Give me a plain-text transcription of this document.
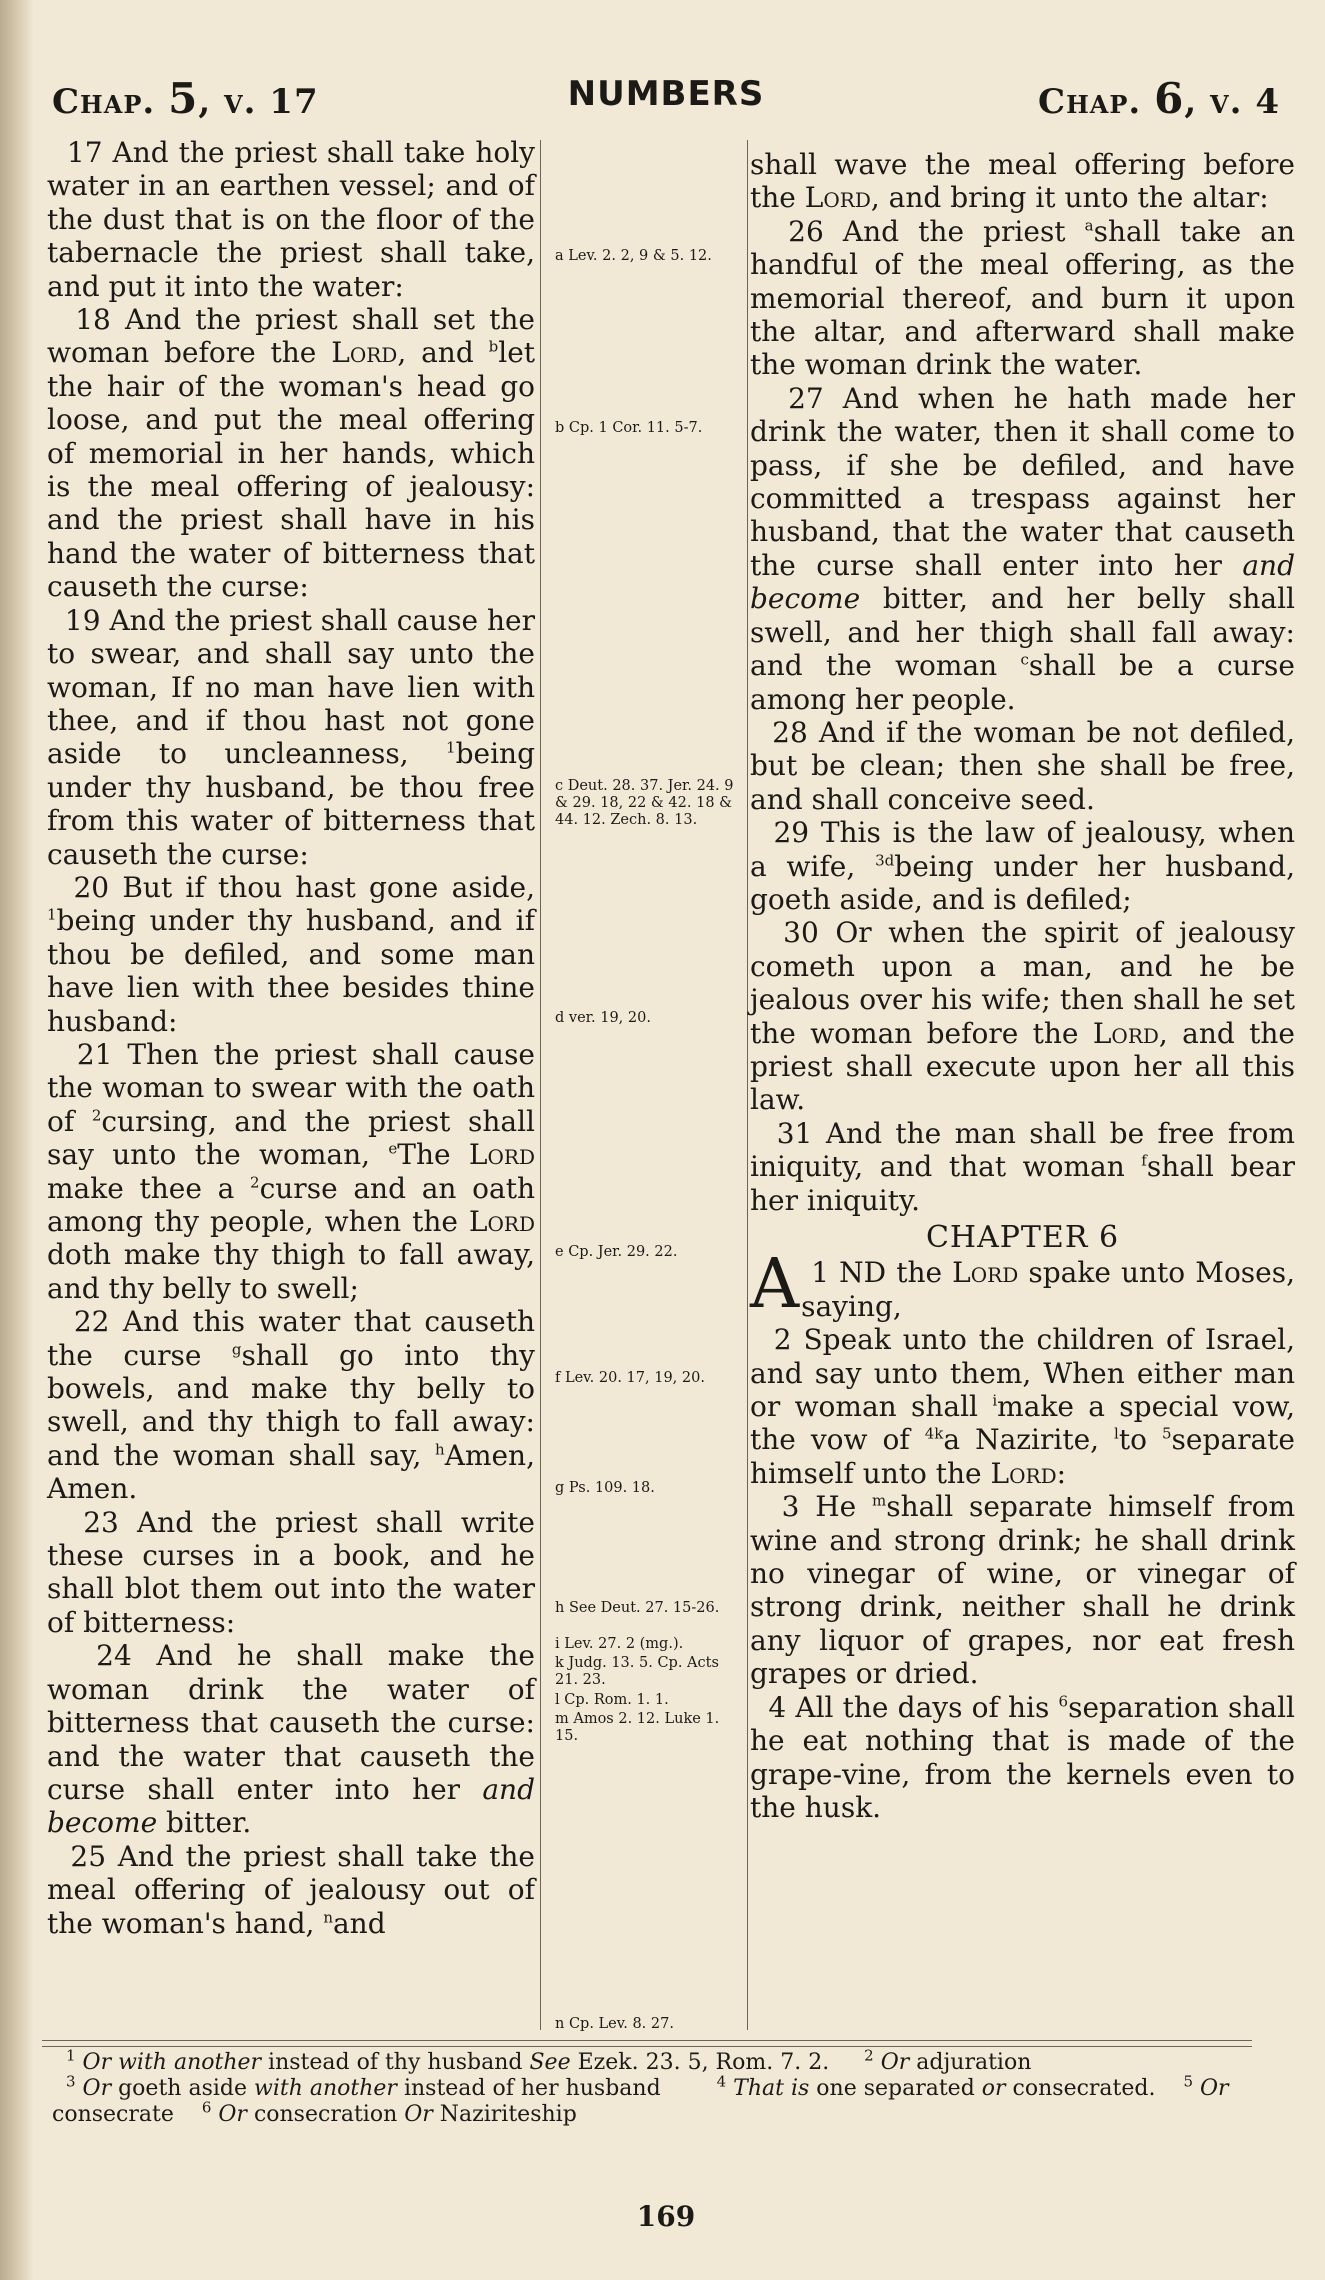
Chap. 5, v. 17	NUMBERS	Chap. 6, v. 4

17 And the priest shall take holy water in an earthen vessel; and of the dust that is on the floor of the tabernacle the priest shall take, and put it into the water:

18 And the priest shall set the woman before the Lord, and $^b$let the hair of the woman's head go loose, and put the meal offering of memorial in her hands, which is the meal offering of jealousy: and the priest shall have in his hand the water of bitterness that causeth the curse:

19 And the priest shall cause her to swear, and shall say unto the woman, If no man have lien with thee, and if thou hast not gone aside to uncleanness, $^1$being under thy husband, be thou free from this water of bitterness that causeth the curse:

20 But if thou hast gone aside, $^1$being under thy husband, and if thou be defiled, and some man have lien with thee besides thine husband:

21 Then the priest shall cause the woman to swear with the oath of $^2$cursing, and the priest shall say unto the woman, $^e$The Lord make thee a $^2$curse and an oath among thy people, when the Lord doth make thy thigh to fall away, and thy belly to swell;

22 And this water that causeth the curse $^g$shall go into thy bowels, and make thy belly to swell, and thy thigh to fall away: and the woman shall say, $^h$Amen, Amen.

23 And the priest shall write these curses in a book, and he shall blot them out into the water of bitterness:

24 And he shall make the woman drink the water of bitterness that causeth the curse: and the water that causeth the curse shall enter into her and become bitter.

25 And the priest shall take the meal offering of jealousy out of the woman's hand, $^n$and

a Lev. 2. 2, 9 & 5. 12.
b Cp. 1 Cor. 11. 5-7.
c Deut. 28. 37. Jer. 24. 9 & 29. 18, 22 & 42. 18 & 44. 12. Zech. 8. 13.
d ver. 19, 20.
e Cp. Jer. 29. 22.
f Lev. 20. 17, 19, 20.
g Ps. 109. 18.
h See Deut. 27. 15-26.
i Lev. 27. 2 (mg.).
k Judg. 13. 5. Cp. Acts 21. 23.
l Cp. Rom. 1. 1.
m Amos 2. 12. Luke 1. 15.
n Cp. Lev. 8. 27.

shall wave the meal offering before the Lord, and bring it unto the altar:

26 And the priest $^a$shall take an handful of the meal offering, as the memorial thereof, and burn it upon the altar, and afterward shall make the woman drink the water.

27 And when he hath made her drink the water, then it shall come to pass, if she be defiled, and have committed a trespass against her husband, that the water that causeth the curse shall enter into her and become bitter, and her belly shall swell, and her thigh shall fall away: and the woman $^c$shall be a curse among her people.

28 And if the woman be not defiled, but be clean; then she shall be free, and shall conceive seed.

29 This is the law of jealousy, when a wife, $^{3d}$being under her husband, goeth aside, and is defiled;

30 Or when the spirit of jealousy cometh upon a man, and he be jealous over his wife; then shall he set the woman before the Lord, and the priest shall execute upon her all this law.

31 And the man shall be free from iniquity, and that woman $^f$shall bear her iniquity.

CHAPTER 6

1
A ND the Lord spake unto Moses, saying,

2 Speak unto the children of Israel, and say unto them, When either man or woman shall $^i$make a special vow, the vow of $^{4k}$a Nazirite, $^l$to $^5$separate himself unto the Lord:

3 He $^m$shall separate himself from wine and strong drink; he shall drink no vinegar of wine, or vinegar of strong drink, neither shall he drink any liquor of grapes, nor eat fresh grapes or dried.

4 All the days of his $^6$separation shall he eat nothing that is made of the grape-vine, from the kernels even to the husk.

$^1$ Or with another instead of thy husband See Ezek. 23. 5, Rom. 7. 2. $^2$ Or adjuration

$^3$ Or goeth aside with another instead of her husband	$^4$ That is one separated or consecrated. $^5$ Or consecrate $^6$ Or consecration Or Naziriteship

169
